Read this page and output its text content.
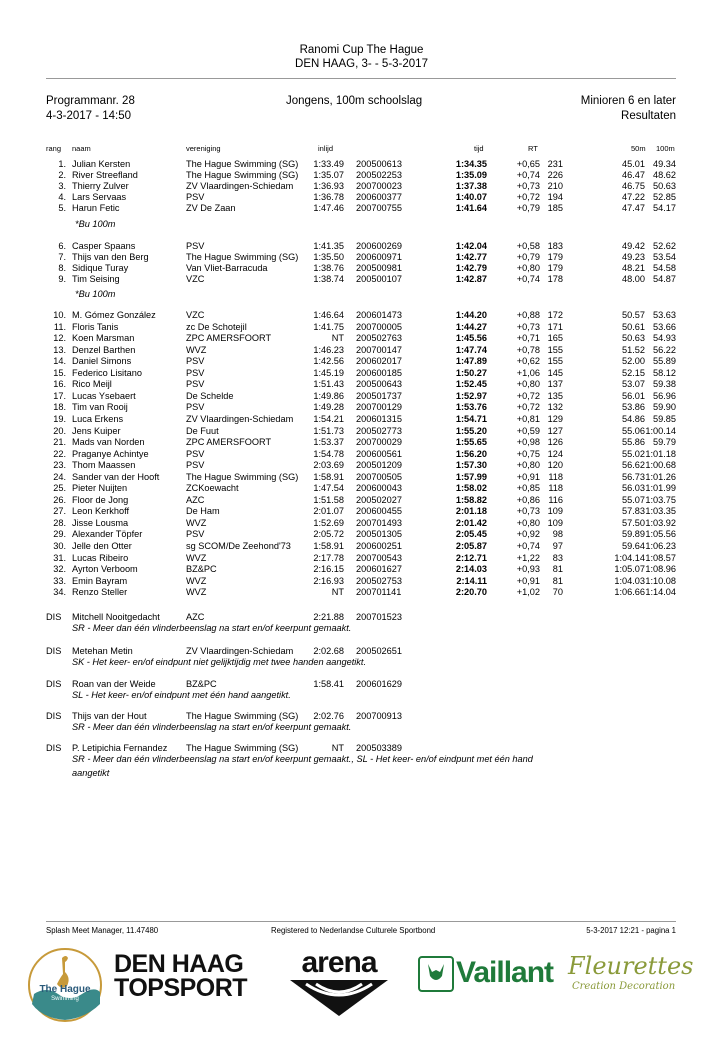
Ranomi Cup The Hague
DEN HAAG, 3- - 5-3-2017
Programmanr. 28
4-3-2017 - 14:50
Jongens, 100m schoolslag	Minioren 6 en later
Resultaten
rang naam	vereniging	inlijd	tijd	RT	50m 100m
1. Julian Kersten	The Hague Swimming (SG)	1:33.49 200500613	1:34.35	+0,65 231	45.01 49.34
2. River Streefland	The Hague Swimming (SG)	1:35.07 200502253	1:35.09	+0,74 226	46.47 48.62
3. Thierry Zulver	ZV Vlaardingen-Schiedam	1:36.93 200700023	1:37.38	+0,73 210	46.75 50.63
4. Lars Servaas	PSV	1:36.78 200600377	1:40.07	+0,72 194	47.22 52.85
5. Harun Fetic	ZV De Zaan	1:47.46 200700755	1:41.64	+0,79 185	47.47 54.17
6. Casper Spaans	PSV	1:41.35 200600269	1:42.04	+0,58 183	49.42 52.62
7. Thijs van den Berg	The Hague Swimming (SG)	1:35.50 200600971	1:42.77	+0,79 179	49.23 53.54
8. Sidique Turay	Van Vliet-Barracuda	1:38.76 200500981	1:42.79	+0,80 179	48.21 54.58
9. Tim Seising	VZC	1:38.74 200500107	1:42.87	+0,74 178	48.00 54.87
10. M. Gómez González	VZC	1:46.64 200601473	1:44.20	+0,88 172	50.57 53.63
11. Floris Tanis	zc De Schotejil	1:41.75 200700005	1:44.27	+0,73 171	50.61 53.66
12. Koen Marsman	ZPC AMERSFOORT	NT 200502763	1:45.56	+0,71 165	50.63 54.93
13. Denzel Barthen	WVZ	1:46.23 200700147	1:47.74	+0,78 155	51.52 56.22
14. Daniel Simons	PSV	1:42.56 200602017	1:47.89	+0,62 155	52.00 55.89
15. Federico Lisitano	PSV	1:45.19 200600185	1:50.27	+1,06 145	52.15 58.12
16. Rico Meijl	PSV	1:51.43 200500643	1:52.45	+0,80 137	53.07 59.38
17. Lucas Ysebaert	De Schelde	1:49.86 200501737	1:52.97	+0,72 135	56.01 56.96
18. Tim van Rooij	PSV	1:49.28 200700129	1:53.76	+0,72 132	53.86 59.90
19. Luca Erkens	ZV Vlaardingen-Schiedam	1:54.21 200601315	1:54.71	+0,81 129	54.86 59.85
20. Jens Kuiper	De Fuut	1:51.73 200502773	1:55.20	+0,59 127	55.06 1:00.14
21. Mads van Norden	ZPC AMERSFOORT	1:53.37 200700029	1:55.65	+0,98 126	55.86 59.79
22. Praganye Achintye	PSV	1:54.78 200600561	1:56.20	+0,75 124	55.02 1:01.18
23. Thom Maassen	PSV	2:03.69 200501209	1:57.30	+0,80 120	56.62 1:00.68
24. Sander van der Hooft	The Hague Swimming (SG)	1:58.91 200700505	1:57.99	+0,91 118	56.73 1:01.26
25. Pieter Nuijten	ZCKoewacht	1:47.54 200600043	1:58.02	+0,85 118	56.03 1:01.99
26. Floor de Jong	AZC	1:51.58 200502027	1:58.82	+0,86 116	55.07 1:03.75
27. Leon Kerkhoff	De Ham	2:01.07 200600455	2:01.18	+0,73 109	57.83 1:03.35
28. Jisse Lousma	WVZ	1:52.69 200701493	2:01.42	+0,80 109	57.50 1:03.92
29. Alexander Töpfer	PSV	2:05.72 200501305	2:05.45	+0,92	98	59.89 1:05.56
30. Jelle den Otter	sg SCOM/De Zeehond'73	1:58.91 200600251	2:05.87	+0,74	97	59.64 1:06.23
31. Lucas Ribeiro	WVZ	2:17.78 200700543	2:12.71	+1,22	83	1:04.14 1:08.57
32. Ayrton Verboom	BZ&PC	2:16.15 200601627	2:14.03	+0,93	81	1:05.07 1:08.96
33. Emin Bayram	WVZ	2:16.93 200502753	2:14.11	+0,91	81	1:04.03 1:10.08
34. Renzo Steller	WVZ	NT 200701141	2:20.70	+1,02	70	1:06.66 1:14.04
*Bu 100m
*Bu 100m
DIS	Mitchell Nooitgedacht	AZC	2:21.88 200701523
SR - Meer dan één vlinderbeenslag na start en/of keerpunt gemaakt.
DIS	Metehan Metin	ZV Vlaardingen-Schiedam	2:02.68 200502651
SK - Het keer- en/of eindpunt niet gelijktijdig met twee handen aangetikt.
DIS	Roan van der Weide	BZ&PC	1:58.41 200601629
SL - Het keer- en/of eindpunt met één hand aangetikt.
DIS	Thijs van der Hout	The Hague Swimming (SG)	2:02.76 200700913
SR - Meer dan één vlinderbeenslag na start en/of keerpunt gemaakt.
DIS	P. Letipichia Fernandez	The Hague Swimming (SG)	NT 200503389
SR - Meer dan één vlinderbeenslag na start en/of keerpunt gemaakt., SL - Het keer- en/of eindpunt met één hand
aangetikt
Splash Meet Manager, 11.47480	Registered to Nederlandse Culturele Sportbond	5-3-2017 12:21 - pagina 1
The Hague
Swimming
DEN HAAG
TOPSPORT
arena	Vaillant Fleurettes
Creation Decoration
